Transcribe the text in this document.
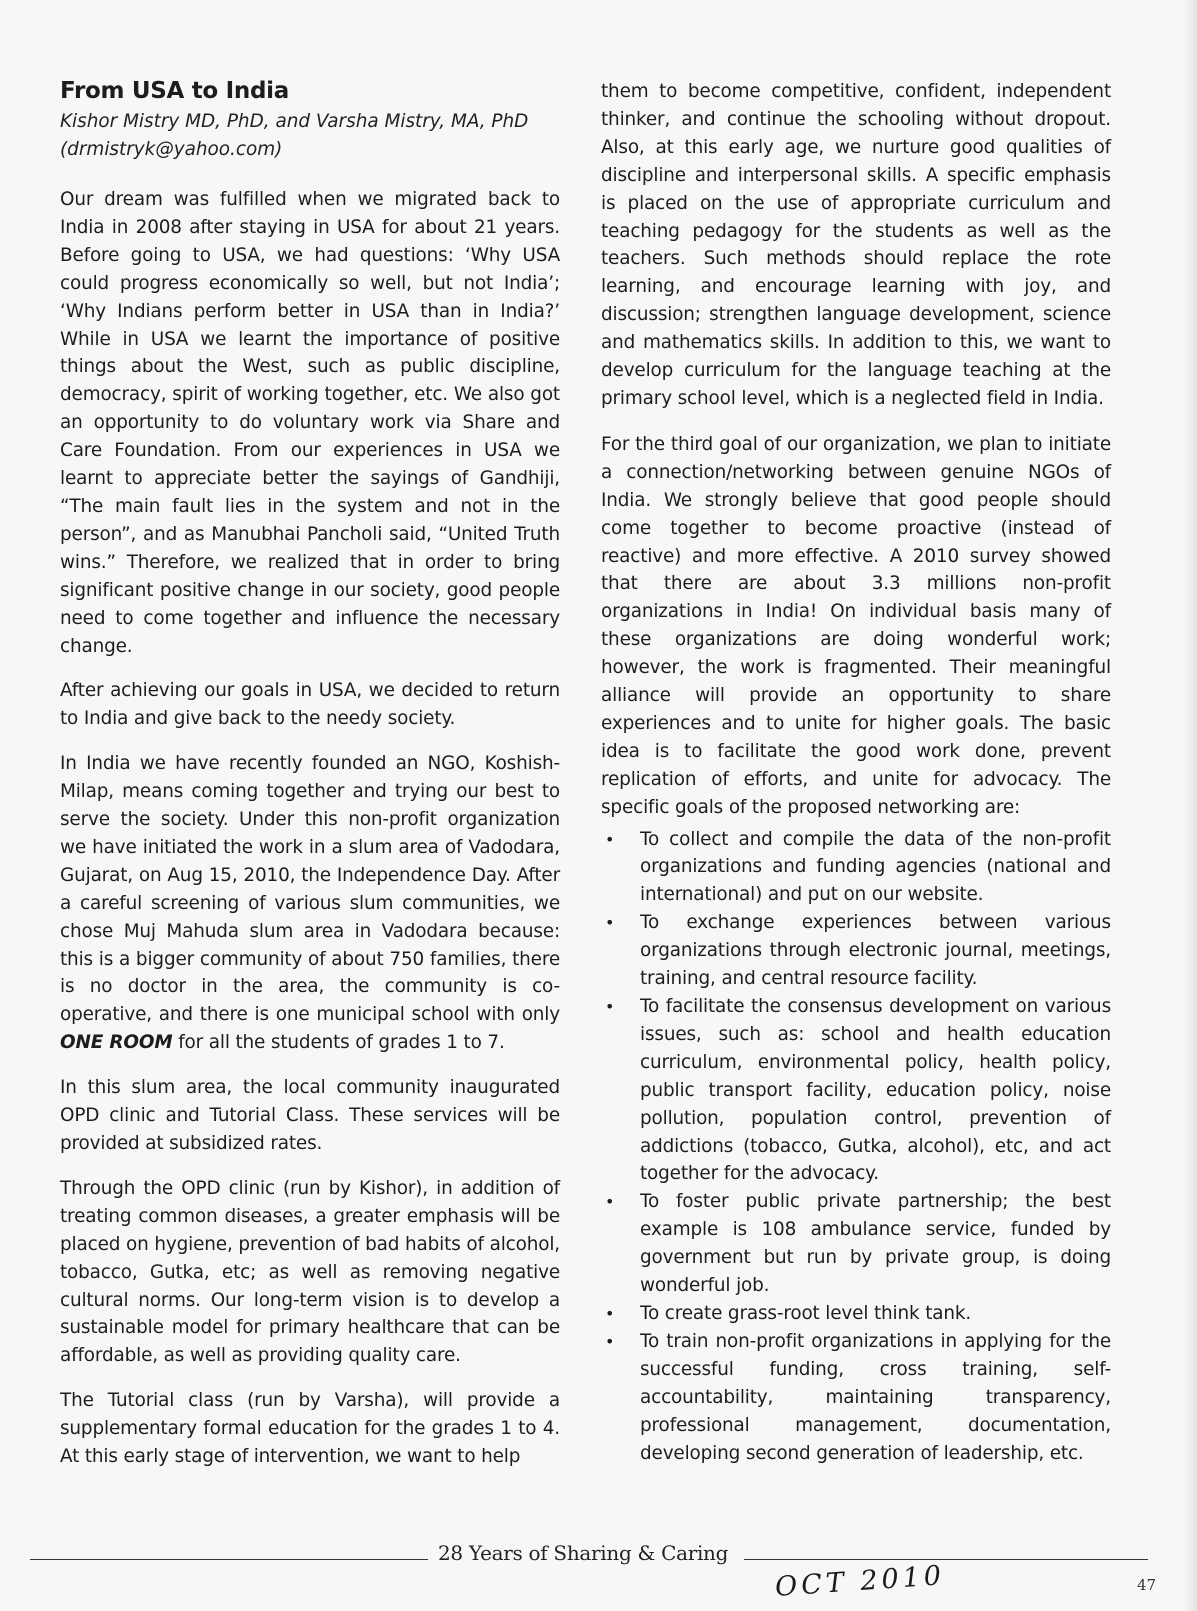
From USA to India
Kishor Mistry MD, PhD, and Varsha Mistry, MA, PhD (drmistryk@yahoo.com)

Our dream was fulfilled when we migrated back to India in 2008 after staying in USA for about 21 years. Before going to USA, we had questions: ‘Why USA could progress economically so well, but not India’; ‘Why Indians perform better in USA than in India?’ While in USA we learnt the importance of positive things about the West, such as public discipline, democracy, spirit of working together, etc. We also got an opportunity to do voluntary work via Share and Care Foundation. From our experiences in USA we learnt to appreciate better the sayings of Gandhiji, “The main fault lies in the system and not in the person”, and as Manubhai Pancholi said, “United Truth wins.” Therefore, we realized that in order to bring significant positive change in our society, good people need to come together and influence the necessary change.

After achieving our goals in USA, we decided to return to India and give back to the needy society.

In India we have recently founded an NGO, Koshish-Milap, means coming together and trying our best to serve the society. Under this non-profit organization we have initiated the work in a slum area of Vadodara, Gujarat, on Aug 15, 2010, the Independence Day. After a careful screening of various slum communities, we chose Muj Mahuda slum area in Vadodara because: this is a bigger community of about 750 families, there is no doctor in the area, the community is co-operative, and there is one municipal school with only ONE ROOM for all the students of grades 1 to 7.

In this slum area, the local community inaugurated OPD clinic and Tutorial Class. These services will be provided at subsidized rates.

Through the OPD clinic (run by Kishor), in addition of treating common diseases, a greater emphasis will be placed on hygiene, prevention of bad habits of alcohol, tobacco, Gutka, etc; as well as removing negative cultural norms. Our long-term vision is to develop a sustainable model for primary healthcare that can be affordable, as well as providing quality care.

The Tutorial class (run by Varsha), will provide a supplementary formal education for the grades 1 to 4. At this early stage of intervention, we want to help

them to become competitive, confident, independent thinker, and continue the schooling without dropout. Also, at this early age, we nurture good qualities of discipline and interpersonal skills. A specific emphasis is placed on the use of appropriate curriculum and teaching pedagogy for the students as well as the teachers. Such methods should replace the rote learning, and encourage learning with joy, and discussion; strengthen language development, science and mathematics skills. In addition to this, we want to develop curriculum for the language teaching at the primary school level, which is a neglected field in India.

For the third goal of our organization, we plan to initiate a connection/networking between genuine NGOs of India. We strongly believe that good people should come together to become proactive (instead of reactive) and more effective. A 2010 survey showed that there are about 3.3 millions non-profit organizations in India! On individual basis many of these organizations are doing wonderful work; however, the work is fragmented. Their meaningful alliance will provide an opportunity to share experiences and to unite for higher goals. The basic idea is to facilitate the good work done, prevent replication of efforts, and unite for advocacy. The specific goals of the proposed networking are:

• To collect and compile the data of the non-profit organizations and funding agencies (national and international) and put on our website.
• To exchange experiences between various organizations through electronic journal, meetings, training, and central resource facility.
• To facilitate the consensus development on various issues, such as: school and health education curriculum, environmental policy, health policy, public transport facility, education policy, noise pollution, population control, prevention of addictions (tobacco, Gutka, alcohol), etc, and act together for the advocacy.
• To foster public private partnership; the best example is 108 ambulance service, funded by government but run by private group, is doing wonderful job.
• To create grass-root level think tank.
• To train non-profit organizations in applying for the successful funding, cross training, self-accountability, maintaining transparency, professional management, documentation, developing second generation of leadership, etc.
28 Years of Sharing & Caring
OCT 2010	47
